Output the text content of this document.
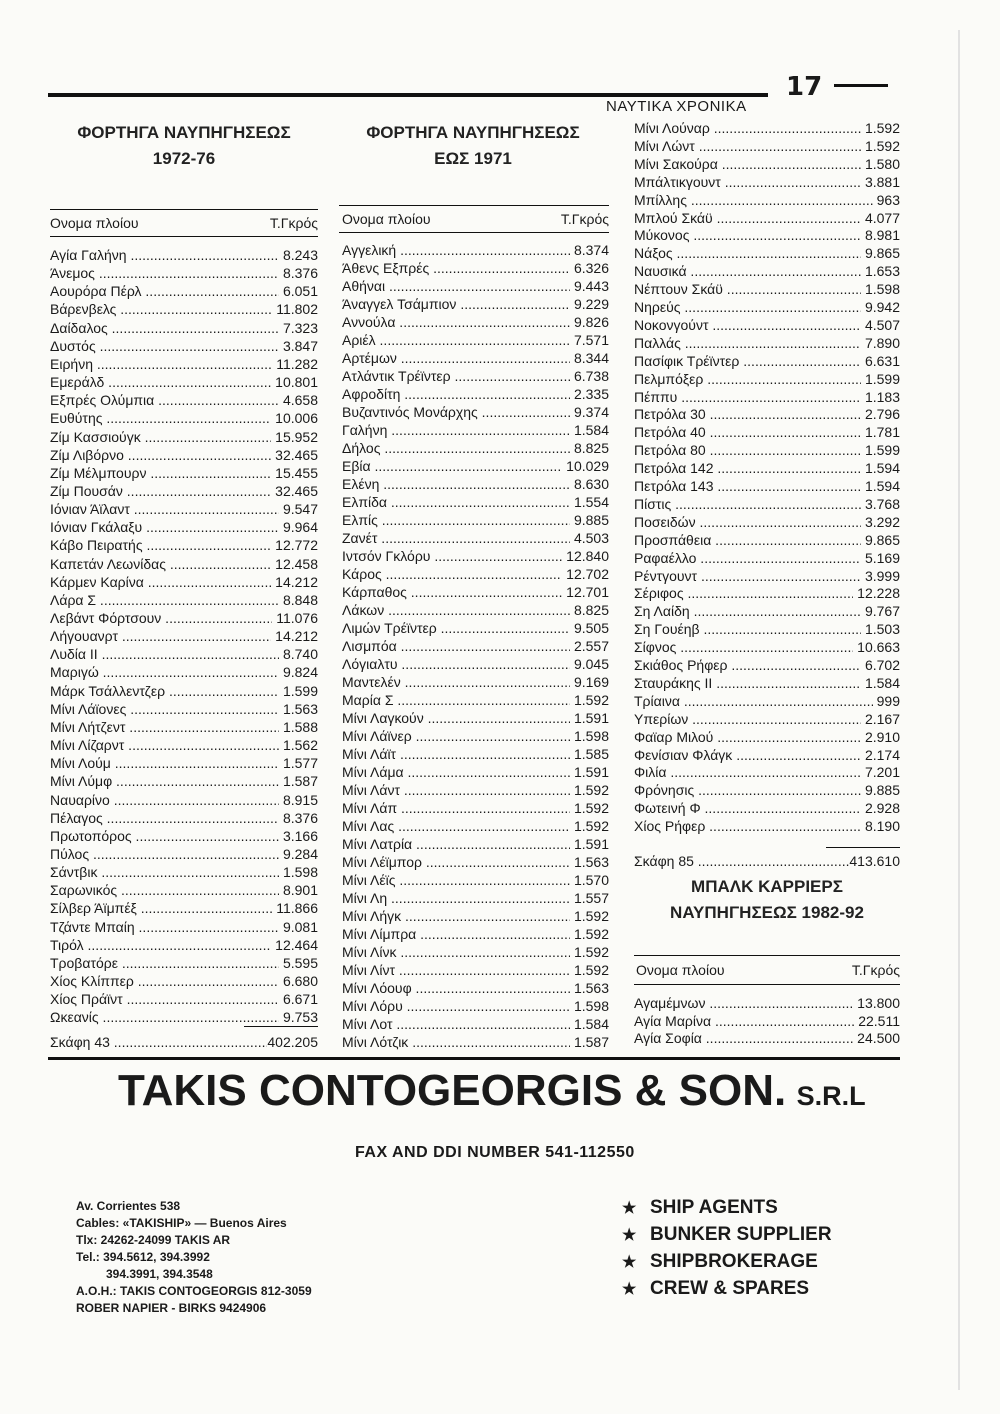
ΝΑΥΤΙΚΑ ΧΡΟΝΙΚΑ
17
ΦΟΡΤΗΓΑ ΝΑΥΠΗΓΗΣΕΩΣ
1972-76
Ονομα πλοίου	Τ.Γκρός
Αγία Γαλήνη .....	8.243
Άνεμος .....	8.376
Αουρόρα Πέρλ .....	6.051
Βάρενβελς .....	11.802
Δαίδαλος .....	7.323
Δυστός .....	3.847
Ειρήνη .....	11.282
Εμεράλδ .....	10.801
Εξπρές Ολύμπια .....	4.658
Ευθύτης .....	10.006
Ζίμ Κασσιούγκ .....	15.952
Ζίμ Λιβόρνο .....	32.465
Ζίμ Μέλμπουρν .....	15.455
Ζίμ Πουσάν .....	32.465
Ιόνιαν Άϊλαντ .....	9.547
Ιόνιαν Γκάλαξυ .....	9.964
Κάβο Πειρατής .....	12.772
Καπετάν Λεωνίδας .....	12.458
Κάρμεν Καρίνα .....	14.212
Λάρα Σ .....	8.848
Λεβάντ Φόρτσουν .....	11.076
Λήγουανρτ .....	14.212
Λυδία ΙΙ .....	8.740
Μαριγώ .....	9.824
Μάρκ Τσάλλεντζερ .....	1.599
Μίνι Λάϊονες .....	1.563
Μίνι Λήτζεντ .....	1.588
Μίνι Λίζαρντ .....	1.562
Μίνι Λούμ .....	1.577
Μίνι Λύμφ .....	1.587
Ναυαρίνο .....	8.915
Πέλαγος .....	8.376
Πρωτοπόρος .....	3.166
Πύλος .....	9.284
Σάντβικ .....	1.598
Σαρωνικός .....	8.901
Σίλβερ Άϊμπέξ .....	11.866
Τζάντε Μπαίη .....	9.081
Τιρόλ .....	12.464
Τροβατόρε .....	5.595
Χίος Κλίππερ .....	6.680
Χίος Πράϊντ .....	6.671
Ωκεανίς .....	9.753
Σκάφη 43 .....	402.205
ΦΟΡΤΗΓΑ ΝΑΥΠΗΓΗΣΕΩΣ
ΕΩΣ 1971
Ονομα πλοίου	Τ.Γκρός
Αγγελική .....	8.374
Άθενς Εξπρές .....	6.326
Αθήναι .....	9.443
Άναγγελ Τσάμπιον .....	9.229
Αννούλα .....	9.826
Αριέλ .....	7.571
Αρτέμων .....	8.344
Ατλάντικ Τρέϊντερ .....	6.738
Αφροδίτη .....	2.335
Βυζαντινός Μονάρχης .....	9.374
Γαλήνη .....	1.584
Δήλος .....	8.825
Εβία .....	10.029
Ελένη .....	8.630
Ελπίδα .....	1.554
Ελπίς .....	9.885
Ζανέτ .....	4.503
Ιντσόν Γκλόρυ .....	12.840
Κάρος .....	12.702
Κάρπαθος .....	12.701
Λάκων .....	8.825
Λιμών Τρέϊντερ .....	9.505
Λισμπόα .....	2.557
Λόγιαλτυ .....	9.045
Μαντελέν .....	9.169
Μαρία Σ .....	1.592
Μίνι Λαγκούν .....	1.591
Μίνι Λάϊνερ .....	1.598
Μίνι Λάϊτ .....	1.585
Μίνι Λάμα .....	1.591
Μίνι Λάντ .....	1.592
Μίνι Λάπ .....	1.592
Μίνι Λας .....	1.592
Μίνι Λατρία .....	1.591
Μίνι Λέϊμπορ .....	1.563
Μίνι Λέϊς .....	1.570
Μίνι Λη .....	1.557
Μίνι Λήγκ .....	1.592
Μίνι Λίμπρα .....	1.592
Μίνι Λίνκ .....	1.592
Μίνι Λίντ .....	1.592
Μίνι Λόουφ .....	1.563
Μίνι Λόρυ .....	1.598
Μίνι Λοτ .....	1.584
Μίνι Λότζικ .....	1.587
Μίνι Λούναρ .....	1.592
Μίνι Λώντ .....	1.592
Μίνι Σακούρα .....	1.580
Μπάλτικγουντ .....	3.881
Μπίλλης .....	963
Μπλού Σκάϋ .....	4.077
Μύκονος .....	8.981
Νάξος .....	9.865
Ναυσικά .....	1.653
Νέπτουν Σκάϋ .....	1.598
Νηρεύς .....	9.942
Νοκονγούντ .....	4.507
Παλλάς .....	7.890
Πασίφικ Τρέϊντερ .....	6.631
Πελμπόξερ .....	1.599
Πέππυ .....	1.183
Πετρόλα 30 .....	2.796
Πετρόλα 40 .....	1.781
Πετρόλα 80 .....	1.599
Πετρόλα 142 .....	1.594
Πετρόλα 143 .....	1.594
Πίστις .....	3.768
Ποσειδών .....	3.292
Προσπάθεια .....	9.865
Ραφαέλλο .....	5.169
Ρέντγουντ .....	3.999
Σέριφος .....	12.228
Ση Λαίδη .....	9.767
Ση Γουέηβ .....	1.503
Σίφνος .....	10.663
Σκιάθος Ρήφερ .....	6.702
Σταυράκης ΙΙ .....	1.584
Τρίαινα .....	999
Υπερίων .....	2.167
Φαϊαρ Μιλού .....	2.910
Φενίσιαν Φλάγκ .....	2.174
Φιλία .....	7.201
Φρόνησις .....	9.885
Φωτεινή Φ .....	2.928
Χίος Ρήφερ .....	8.190
Σκάφη 85 .....	413.610
ΜΠΑΛΚ ΚΑΡΡΙΕΡΣ
ΝΑΥΠΗΓΗΣΕΩΣ 1982-92
Ονομα πλοίου	Τ.Γκρός
Αγαμέμνων .....	13.800
Αγία Μαρίνα .....	22.511
Αγία Σοφία .....	24.500
TAKIS CONTOGEORGIS & SON. S.R.L
FAX AND DDI NUMBER 541-112550
Av. Corrientes 538
Cables: «TAKISHIP» — Buenos Aires
Tlx: 24262-24099 TAKIS AR
Tel.: 394.5612, 394.3992
394.3991, 394.3548
A.O.H.: TAKIS CONTOGEORGIS 812-3059
ROBER NAPIER - BIRKS 9424906
★ SHIP AGENTS
★ BUNKER SUPPLIER
★ SHIPBROKERAGE
★ CREW & SPARES
